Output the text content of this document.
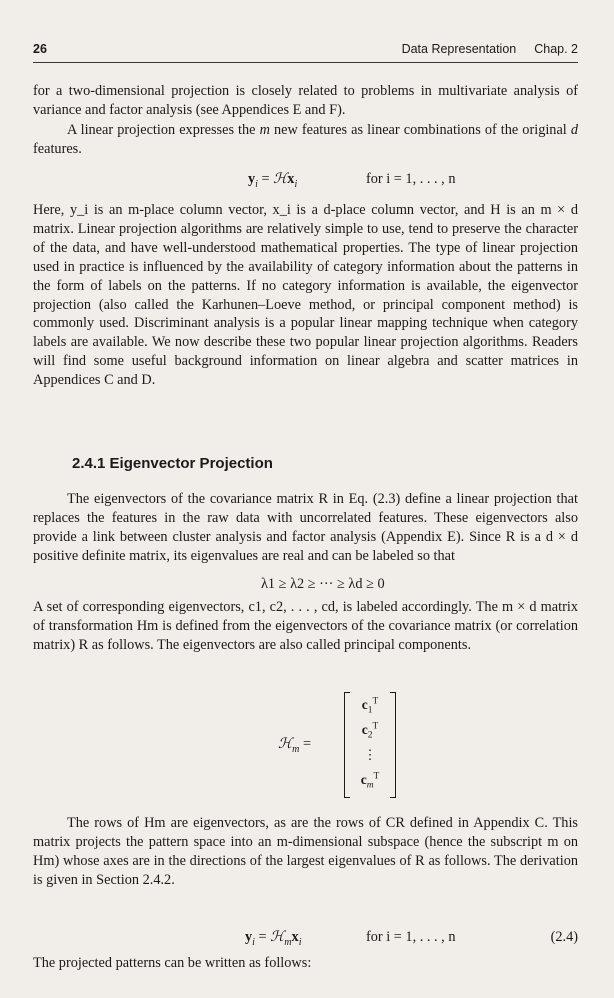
26	Data Representation Chap. 2

for a two-dimensional projection is closely related to problems in multivariate analysis of variance and factor analysis (see Appendices E and F).

A linear projection expresses the m new features as linear combinations of the original d features.

$y_i$ = ℋx$_i$	for i = 1, . . . , n

Here, y_i is an m-place column vector, x_i is a d-place column vector, and H is an m × d matrix. Linear projection algorithms are relatively simple to use, tend to preserve the character of the data, and have well-understood mathematical properties. The type of linear projection used in practice is influenced by the availability of category information about the patterns in the form of labels on the patterns. If no category information is available, the eigenvector projection (also called the Karhunen–Loeve method, or principal component method) is commonly used. Discriminant analysis is a popular linear mapping technique when category labels are available. We now describe these two popular linear projection algorithms. Readers will find some useful background information on linear algebra and scatter matrices in Appendices C and D.

2.4.1 Eigenvector Projection

The eigenvectors of the covariance matrix R in Eq. (2.3) define a linear projection that replaces the features in the raw data with uncorrelated features. These eigenvectors also provide a link between cluster analysis and factor analysis (Appendix E). Since R is a d × d positive definite matrix, its eigenvalues are real and can be labeled so that

λ1 ≥ λ2 ≥ ··· ≥ λd ≥ 0

A set of corresponding eigenvectors, c1, c2, . . . , cd, is labeled accordingly. The m × d matrix of transformation Hm is defined from the eigenvectors of the covariance matrix (or correlation matrix) R as follows. The eigenvectors are also called principal components.

ℋ$_m$ =
$c_1^T$
$c_2^T$
⋮
$c_m^T$

The rows of Hm are eigenvectors, as are the rows of CR defined in Appendix C. This matrix projects the pattern space into an m-dimensional subspace (hence the subscript m on Hm) whose axes are in the directions of the largest eigenvalues of R as follows. The derivation is given in Section 2.4.2.

$y_i$ = $ℋ_mx_i$	for i = 1, . . . , n	(2.4)

The projected patterns can be written as follows:
